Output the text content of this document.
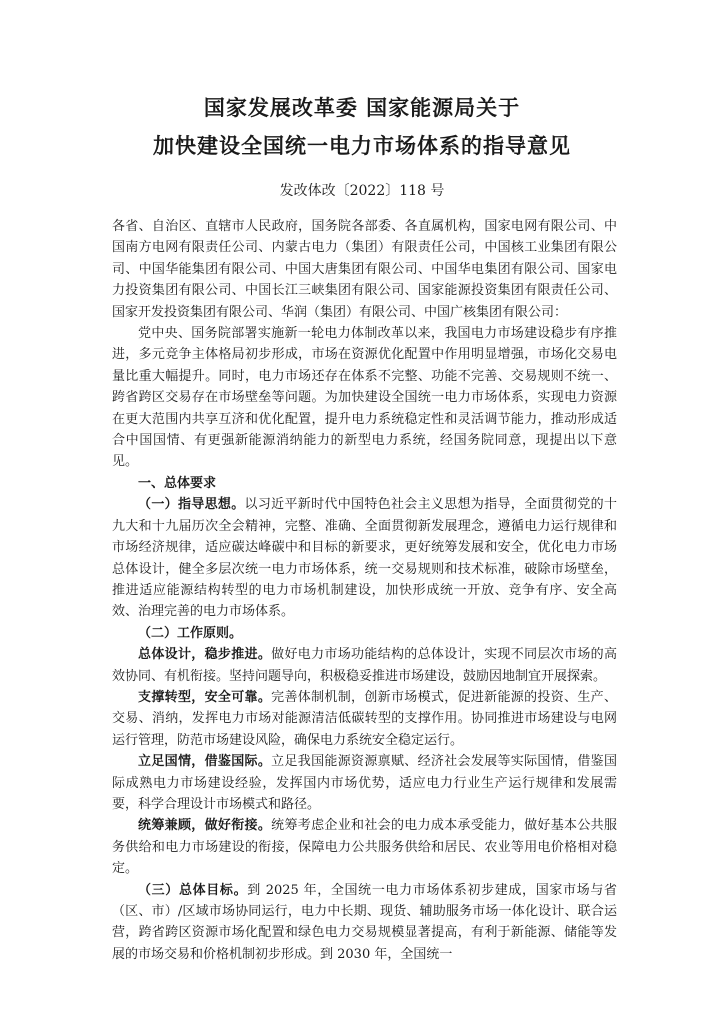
国家发展改革委 国家能源局关于
加快建设全国统一电力市场体系的指导意见
发改体改〔2022〕118 号

各省、自治区、直辖市人民政府，国务院各部委、各直属机构，国家电网有限公司、中国南方电网有限责任公司、内蒙古电力（集团）有限责任公司，中国核工业集团有限公司、中国华能集团有限公司、中国大唐集团有限公司、中国华电集团有限公司、国家电力投资集团有限公司、中国长江三峡集团有限公司、国家能源投资集团有限责任公司、国家开发投资集团有限公司、华润（集团）有限公司、中国广核集团有限公司：

党中央、国务院部署实施新一轮电力体制改革以来，我国电力市场建设稳步有序推进，多元竞争主体格局初步形成，市场在资源优化配置中作用明显增强，市场化交易电量比重大幅提升。同时，电力市场还存在体系不完整、功能不完善、交易规则不统一、跨省跨区交易存在市场壁垒等问题。为加快建设全国统一电力市场体系，实现电力资源在更大范围内共享互济和优化配置，提升电力系统稳定性和灵活调节能力，推动形成适合中国国情、有更强新能源消纳能力的新型电力系统，经国务院同意，现提出以下意见。

一、总体要求

（一）指导思想。以习近平新时代中国特色社会主义思想为指导，全面贯彻党的十九大和十九届历次全会精神，完整、准确、全面贯彻新发展理念，遵循电力运行规律和市场经济规律，适应碳达峰碳中和目标的新要求，更好统筹发展和安全，优化电力市场总体设计，健全多层次统一电力市场体系，统一交易规则和技术标准，破除市场壁垒，推进适应能源结构转型的电力市场机制建设，加快形成统一开放、竞争有序、安全高效、治理完善的电力市场体系。

（二）工作原则。

总体设计，稳步推进。做好电力市场功能结构的总体设计，实现不同层次市场的高效协同、有机衔接。坚持问题导向，积极稳妥推进市场建设，鼓励因地制宜开展探索。

支撑转型，安全可靠。完善体制机制，创新市场模式，促进新能源的投资、生产、交易、消纳，发挥电力市场对能源清洁低碳转型的支撑作用。协同推进市场建设与电网运行管理，防范市场建设风险，确保电力系统安全稳定运行。

立足国情，借鉴国际。立足我国能源资源禀赋、经济社会发展等实际国情，借鉴国际成熟电力市场建设经验，发挥国内市场优势，适应电力行业生产运行规律和发展需要，科学合理设计市场模式和路径。

统筹兼顾，做好衔接。统筹考虑企业和社会的电力成本承受能力，做好基本公共服务供给和电力市场建设的衔接，保障电力公共服务供给和居民、农业等用电价格相对稳定。

（三）总体目标。到 2025 年，全国统一电力市场体系初步建成，国家市场与省（区、市）/区域市场协同运行，电力中长期、现货、辅助服务市场一体化设计、联合运营，跨省跨区资源市场化配置和绿色电力交易规模显著提高，有利于新能源、储能等发展的市场交易和价格机制初步形成。到 2030 年，全国统一
